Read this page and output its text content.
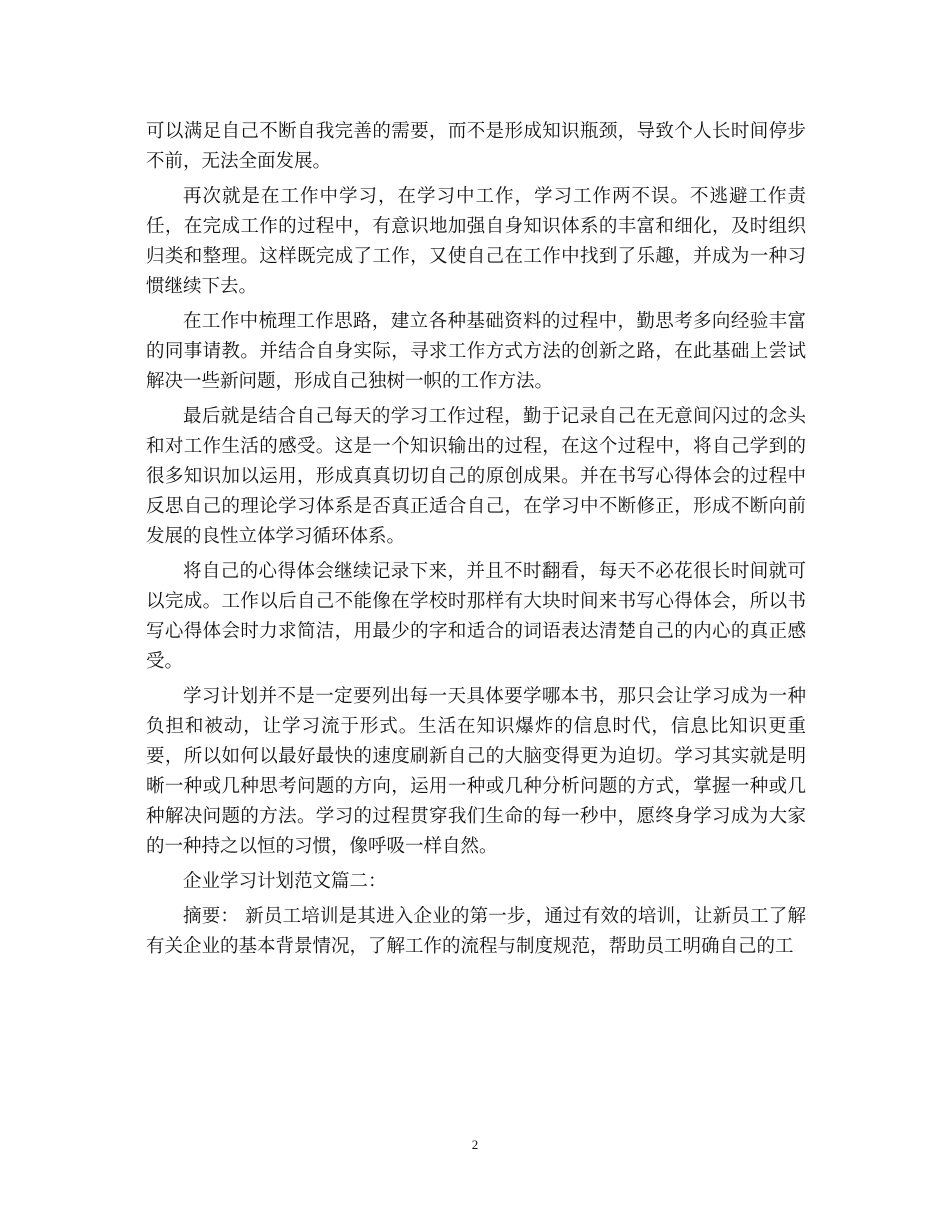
可以满足自己不断自我完善的需要，而不是形成知识瓶颈，导致个人长时间停步不前，无法全面发展。

再次就是在工作中学习，在学习中工作，学习工作两不误。不逃避工作责任，在完成工作的过程中，有意识地加强自身知识体系的丰富和细化，及时组织归类和整理。这样既完成了工作，又使自己在工作中找到了乐趣，并成为一种习惯继续下去。

在工作中梳理工作思路，建立各种基础资料的过程中，勤思考多向经验丰富的同事请教。并结合自身实际，寻求工作方式方法的创新之路，在此基础上尝试解决一些新问题，形成自己独树一帜的工作方法。

最后就是结合自己每天的学习工作过程，勤于记录自己在无意间闪过的念头和对工作生活的感受。这是一个知识输出的过程，在这个过程中，将自己学到的很多知识加以运用，形成真真切切自己的原创成果。并在书写心得体会的过程中反思自己的理论学习体系是否真正适合自己，在学习中不断修正，形成不断向前发展的良性立体学习循环体系。

将自己的心得体会继续记录下来，并且不时翻看，每天不必花很长时间就可以完成。工作以后自己不能像在学校时那样有大块时间来书写心得体会，所以书写心得体会时力求简洁，用最少的字和适合的词语表达清楚自己的内心的真正感受。

学习计划并不是一定要列出每一天具体要学哪本书，那只会让学习成为一种负担和被动，让学习流于形式。生活在知识爆炸的信息时代，信息比知识更重要，所以如何以最好最快的速度刷新自己的大脑变得更为迫切。学习其实就是明晰一种或几种思考问题的方向，运用一种或几种分析问题的方式，掌握一种或几种解决问题的方法。学习的过程贯穿我们生命的每一秒中，愿终身学习成为大家的一种持之以恒的习惯，像呼吸一样自然。

企业学习计划范文篇二：

摘要： 新员工培训是其进入企业的第一步，通过有效的培训，让新员工了解有关企业的基本背景情况，了解工作的流程与制度规范，帮助员工明确自己的工

2
